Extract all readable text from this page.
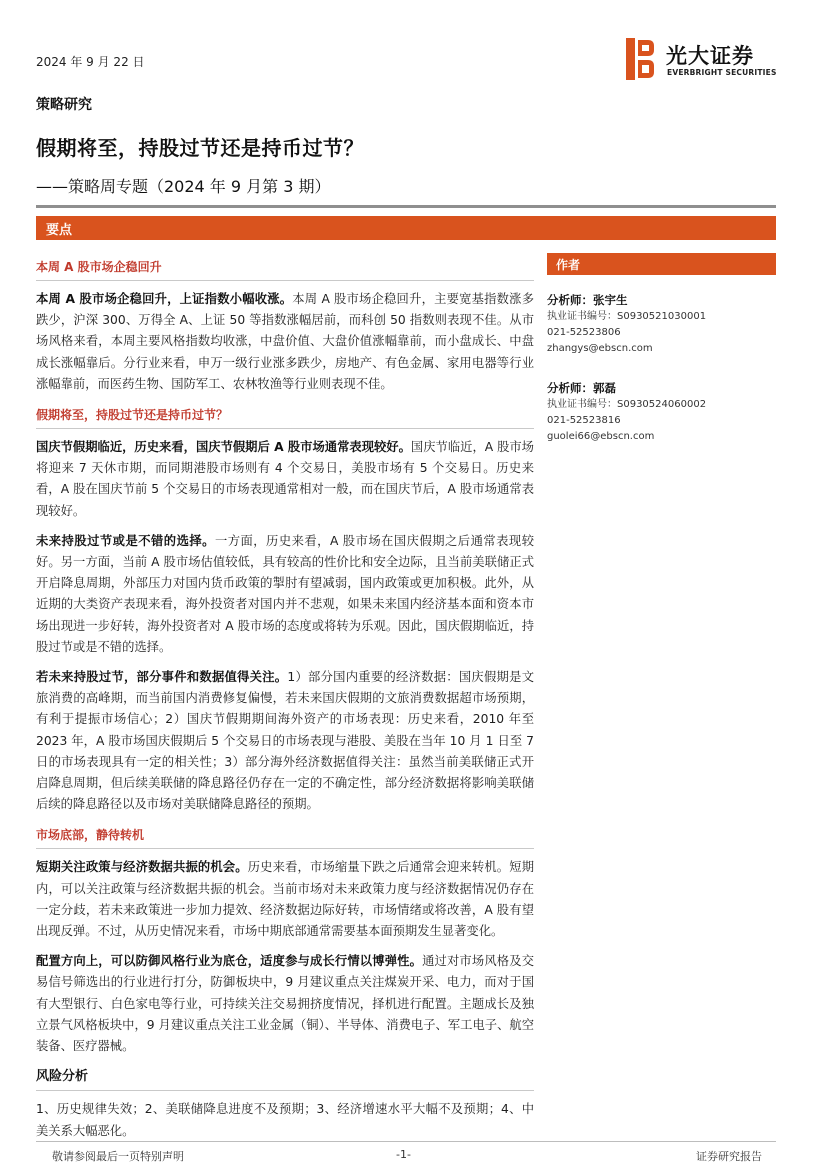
2024 年 9 月 22 日	光大证券
EVERBRIGHT SECURITIES
策略研究
假期将至，持股过节还是持币过节？
——策略周专题（2024 年 9 月第 3 期）
要点
本周 A 股市场企稳回升

本周 A 股市场企稳回升，上证指数小幅收涨。本周 A 股市场企稳回升，主要宽基指数涨多跌少，沪深 300、万得全 A、上证 50 等指数涨幅居前，而科创 50 指数则表现不佳。从市场风格来看，本周主要风格指数均收涨，中盘价值、大盘价值涨幅靠前，而小盘成长、中盘成长涨幅靠后。分行业来看，申万一级行业涨多跌少，房地产、有色金属、家用电器等行业涨幅靠前，而医药生物、国防军工、农林牧渔等行业则表现不佳。

假期将至，持股过节还是持币过节？

国庆节假期临近，历史来看，国庆节假期后 A 股市场通常表现较好。国庆节临近，A 股市场将迎来 7 天休市期，而同期港股市场则有 4 个交易日，美股市场有 5 个交易日。历史来看，A 股在国庆节前 5 个交易日的市场表现通常相对一般，而在国庆节后，A 股市场通常表现较好。

未来持股过节或是不错的选择。一方面，历史来看，A 股市场在国庆假期之后通常表现较好。另一方面，当前 A 股市场估值较低，具有较高的性价比和安全边际，且当前美联储正式开启降息周期，外部压力对国内货币政策的掣肘有望减弱，国内政策或更加积极。此外，从近期的大类资产表现来看，海外投资者对国内并不悲观，如果未来国内经济基本面和资本市场出现进一步好转，海外投资者对 A 股市场的态度或将转为乐观。因此，国庆假期临近，持股过节或是不错的选择。

若未来持股过节，部分事件和数据值得关注。1）部分国内重要的经济数据：国庆假期是文旅消费的高峰期，而当前国内消费修复偏慢，若未来国庆假期的文旅消费数据超市场预期，有利于提振市场信心；2）国庆节假期期间海外资产的市场表现：历史来看，2010 年至 2023 年，A 股市场国庆假期后 5 个交易日的市场表现与港股、美股在当年 10 月 1 日至 7 日的市场表现具有一定的相关性；3）部分海外经济数据值得关注：虽然当前美联储正式开启降息周期，但后续美联储的降息路径仍存在一定的不确定性，部分经济数据将影响美联储后续的降息路径以及市场对美联储降息路径的预期。

市场底部，静待转机

短期关注政策与经济数据共振的机会。历史来看，市场缩量下跌之后通常会迎来转机。短期内，可以关注政策与经济数据共振的机会。当前市场对未来政策力度与经济数据情况仍存在一定分歧，若未来政策进一步加力提效、经济数据边际好转，市场情绪或将改善，A 股有望出现反弹。不过，从历史情况来看，市场中期底部通常需要基本面预期发生显著变化。

配置方向上，可以防御风格行业为底仓，适度参与成长行情以博弹性。通过对市场风格及交易信号筛选出的行业进行打分，防御板块中，9 月建议重点关注煤炭开采、电力，而对于国有大型银行、白色家电等行业，可持续关注交易拥挤度情况，择机进行配置。主题成长及独立景气风格板块中，9 月建议重点关注工业金属（铜）、半导体、消费电子、军工电子、航空装备、医疗器械。

风险分析

1、历史规律失效；2、美联储降息进度不及预期；3、经济增速水平大幅不及预期；4、中美关系大幅恶化。

作者
分析师：张宇生
执业证书编号：S0930521030001
021-52523806
zhangys@ebscn.com
分析师：郭磊
执业证书编号：S0930524060002
021-52523816
guolei66@ebscn.com
敬请参阅最后一页特别声明	-1-	证券研究报告
